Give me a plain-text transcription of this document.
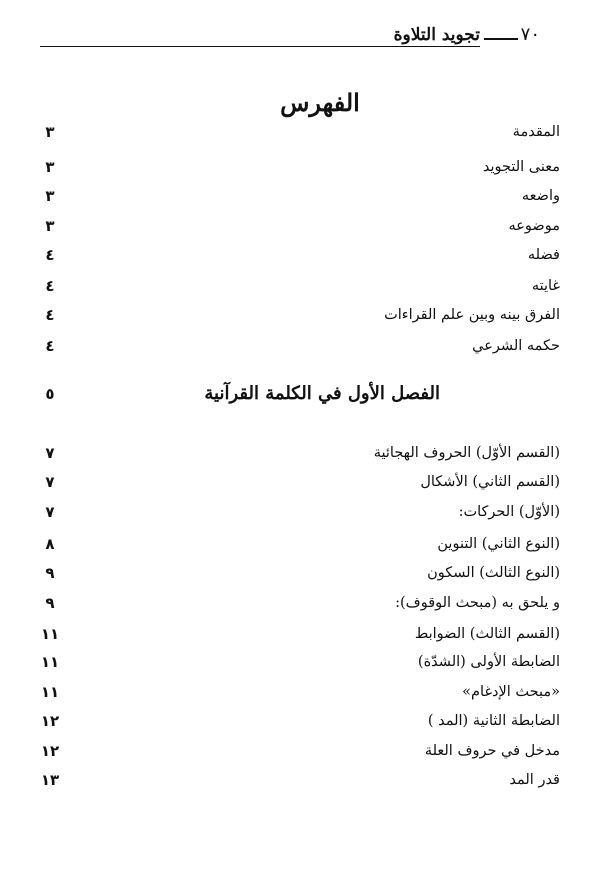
تجويد التلاوة ٧٠
الفهرس
المقدمة
٣
معنى التجويد
٣
واضعه
٣
موضوعه
٣
فضله
٤
غايته
٤
الفرق بينه وبين علم القراءات
٤
حكمه الشرعي
٤
الفصل الأول في الكلمة القرآنية
٥
(القسم الأوّل) الحروف الهجائية
٧
(القسم الثاني) الأشكال
٧
(الأوّل) الحركات:
٧
(النوع الثاني) التنوين
٨
(النوع الثالث) السكون
٩
و يلحق به (مبحث الوقوف):
٩
(القسم الثالث) الضوابط
١١
الضابطة الأولى (الشدّة)
١١
«مبحث الإدغام»
١١
الضابطة الثانية (المد )
١٢
مدخل في حروف العلة
١٢
قدر المد
١٣
